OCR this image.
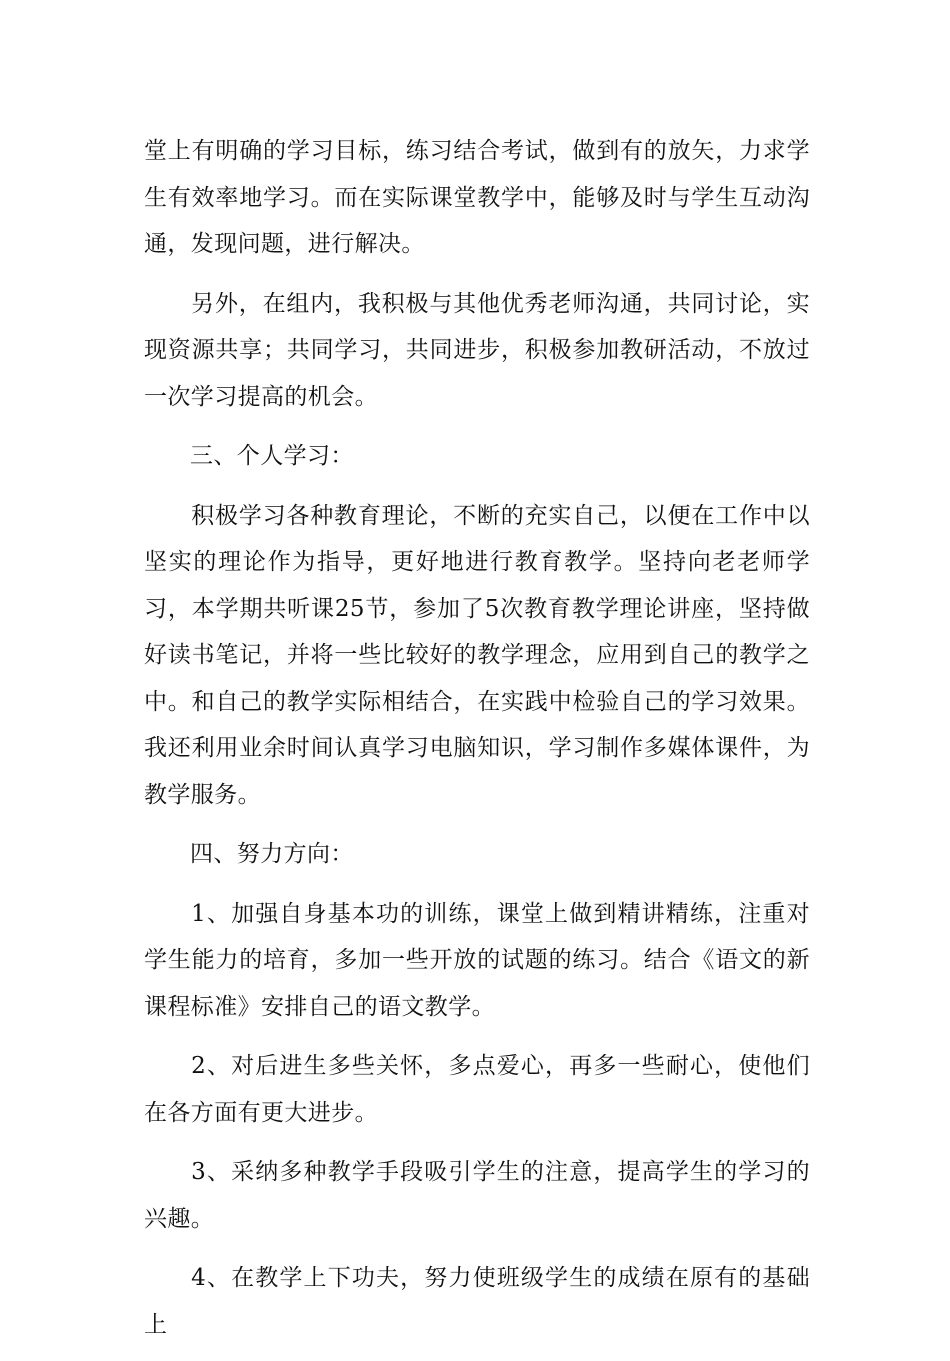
堂上有明确的学习目标，练习结合考试，做到有的放矢，力求学生有效率地学习。而在实际课堂教学中，能够及时与学生互动沟通，发现问题，进行解决。

另外，在组内，我积极与其他优秀老师沟通，共同讨论，实现资源共享；共同学习，共同进步，积极参加教研活动，不放过一次学习提高的机会。

三、个人学习：

积极学习各种教育理论，不断的充实自己，以便在工作中以坚实的理论作为指导，更好地进行教育教学。坚持向老老师学习，本学期共听课25节，参加了5次教育教学理论讲座，坚持做好读书笔记，并将一些比较好的教学理念，应用到自己的教学之中。和自己的教学实际相结合，在实践中检验自己的学习效果。我还利用业余时间认真学习电脑知识，学习制作多媒体课件，为教学服务。

四、努力方向：

1、加强自身基本功的训练，课堂上做到精讲精练，注重对学生能力的培育，多加一些开放的试题的练习。结合《语文的新课程标准》安排自己的语文教学。

2、对后进生多些关怀，多点爱心，再多一些耐心，使他们在各方面有更大进步。

3、采纳多种教学手段吸引学生的注意，提高学生的学习的兴趣。

4、在教学上下功夫，努力使班级学生的成绩在原有的基础上
